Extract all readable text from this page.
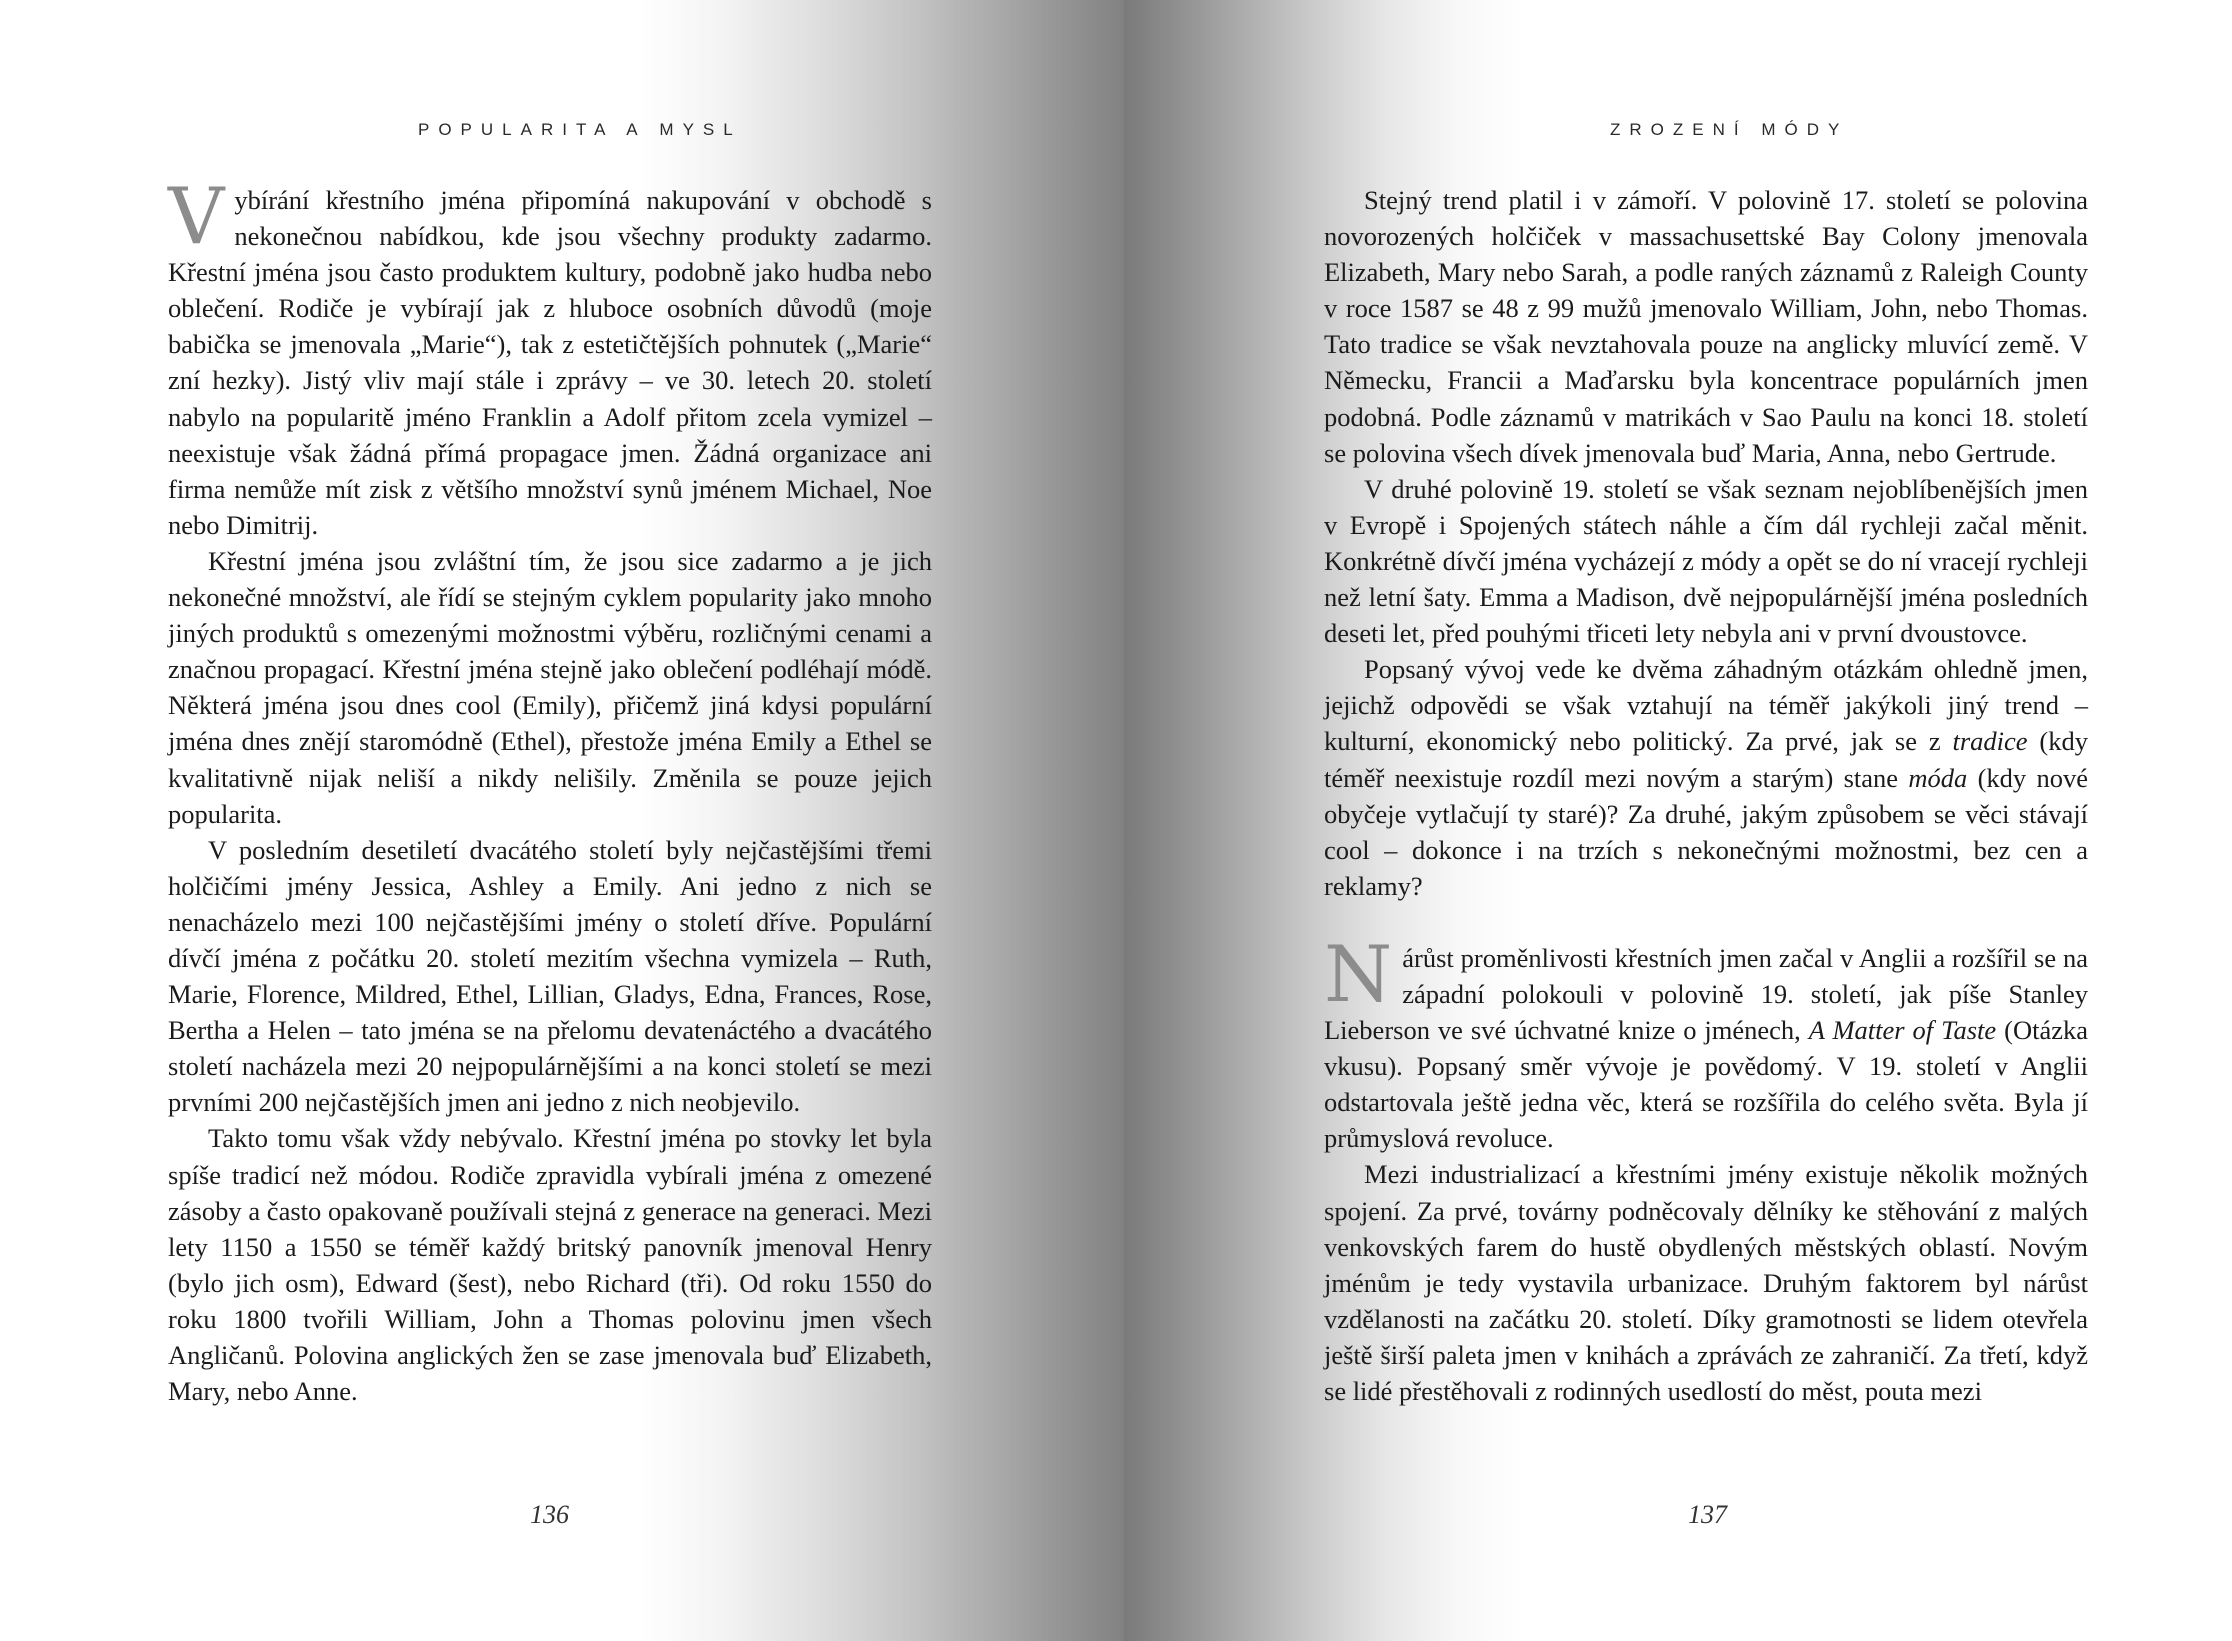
POPULARITA A MYSL

Vybírání křestního jména připomíná nakupování v obchodě s nekonečnou nabídkou, kde jsou všechny produkty zadarmo. Křestní jména jsou často produktem kultury, podobně jako hudba nebo oblečení. Rodiče je vybírají jak z hluboce osobních důvodů (moje babička se jmenovala „Marie“), tak z estetičtějších pohnutek („Marie“ zní hezky). Jistý vliv mají stále i zprávy – ve 30. letech 20. století nabylo na popularitě jméno Franklin a Adolf přitom zcela vymizel – neexistuje však žádná přímá propagace jmen. Žádná organizace ani firma nemůže mít zisk z většího množství synů jménem Michael, Noe nebo Dimitrij.

Křestní jména jsou zvláštní tím, že jsou sice zadarmo a je jich nekonečné množství, ale řídí se stejným cyklem popularity jako mnoho jiných produktů s omezenými možnostmi výběru, rozličnými cenami a značnou propagací. Křestní jména stejně jako oblečení podléhají módě. Některá jména jsou dnes cool (Emily), přičemž jiná kdysi populární jména dnes znějí staromódně (Ethel), přestože jména Emily a Ethel se kvalitativně nijak neliší a nikdy nelišily. Změnila se pouze jejich popularita.

V posledním desetiletí dvacátého století byly nejčastějšími třemi holčičími jmény Jessica, Ashley a Emily. Ani jedno z nich se nenacházelo mezi 100 nejčastějšími jmény o století dříve. Populární dívčí jména z počátku 20. století mezitím všechna vymizela – Ruth, Marie, Florence, Mildred, Ethel, Lillian, Gladys, Edna, Frances, Rose, Bertha a Helen – tato jména se na přelomu devatenáctého a dvacátého století nacházela mezi 20 nejpopulárnějšími a na konci století se mezi prvními 200 nejčastějších jmen ani jedno z nich neobjevilo.

Takto tomu však vždy nebývalo. Křestní jména po stovky let byla spíše tradicí než módou. Rodiče zpravidla vybírali jména z omezené zásoby a často opakovaně používali stejná z generace na generaci. Mezi lety 1150 a 1550 se téměř každý britský panovník jmenoval Henry (bylo jich osm), Edward (šest), nebo Richard (tři). Od roku 1550 do roku 1800 tvořili William, John a Thomas polovinu jmen všech Angličanů. Polovina anglických žen se zase jmenovala buď Elizabeth, Mary, nebo Anne.

136
ZROZENÍ MÓDY

Stejný trend platil i v zámoří. V polovině 17. století se polovina novorozených holčiček v massachusettské Bay Colony jmenovala Elizabeth, Mary nebo Sarah, a podle raných záznamů z Raleigh County v roce 1587 se 48 z 99 mužů jmenovalo William, John, nebo Thomas. Tato tradice se však nevztahovala pouze na anglicky mluvící země. V Německu, Francii a Maďarsku byla koncentrace populárních jmen podobná. Podle záznamů v matrikách v Sao Paulu na konci 18. století se polovina všech dívek jmenovala buď Maria, Anna, nebo Gertrude.

V druhé polovině 19. století se však seznam nejoblíbenějších jmen v Evropě i Spojených státech náhle a čím dál rychleji začal měnit. Konkrétně dívčí jména vycházejí z módy a opět se do ní vracejí rychleji než letní šaty. Emma a Madison, dvě nejpopulárnější jména posledních deseti let, před pouhými třiceti lety nebyla ani v první dvoustovce.

Popsaný vývoj vede ke dvěma záhadným otázkám ohledně jmen, jejichž odpovědi se však vztahují na téměř jakýkoli jiný trend – kulturní, ekonomický nebo politický. Za prvé, jak se z tradice (kdy téměř neexistuje rozdíl mezi novým a starým) stane móda (kdy nové obyčeje vytlačují ty staré)? Za druhé, jakým způsobem se věci stávají cool – dokonce i na trzích s nekonečnými možnostmi, bez cen a reklamy?

Nárůst proměnlivosti křestních jmen začal v Anglii a rozšířil se na západní polokouli v polovině 19. století, jak píše Stanley Lieberson ve své úchvatné knize o jménech, A Matter of Taste (Otázka vkusu). Popsaný směr vývoje je povědomý. V 19. století v Anglii odstartovala ještě jedna věc, která se rozšířila do celého světa. Byla jí průmyslová revoluce.

Mezi industrializací a křestními jmény existuje několik možných spojení. Za prvé, továrny podněcovaly dělníky ke stěhování z malých venkovských farem do hustě obydlených městských oblastí. Novým jménům je tedy vystavila urbanizace. Druhým faktorem byl nárůst vzdělanosti na začátku 20. století. Díky gramotnosti se lidem otevřela ještě širší paleta jmen v knihách a zprávách ze zahraničí. Za třetí, když se lidé přestěhovali z rodinných usedlostí do měst, pouta mezi

137
